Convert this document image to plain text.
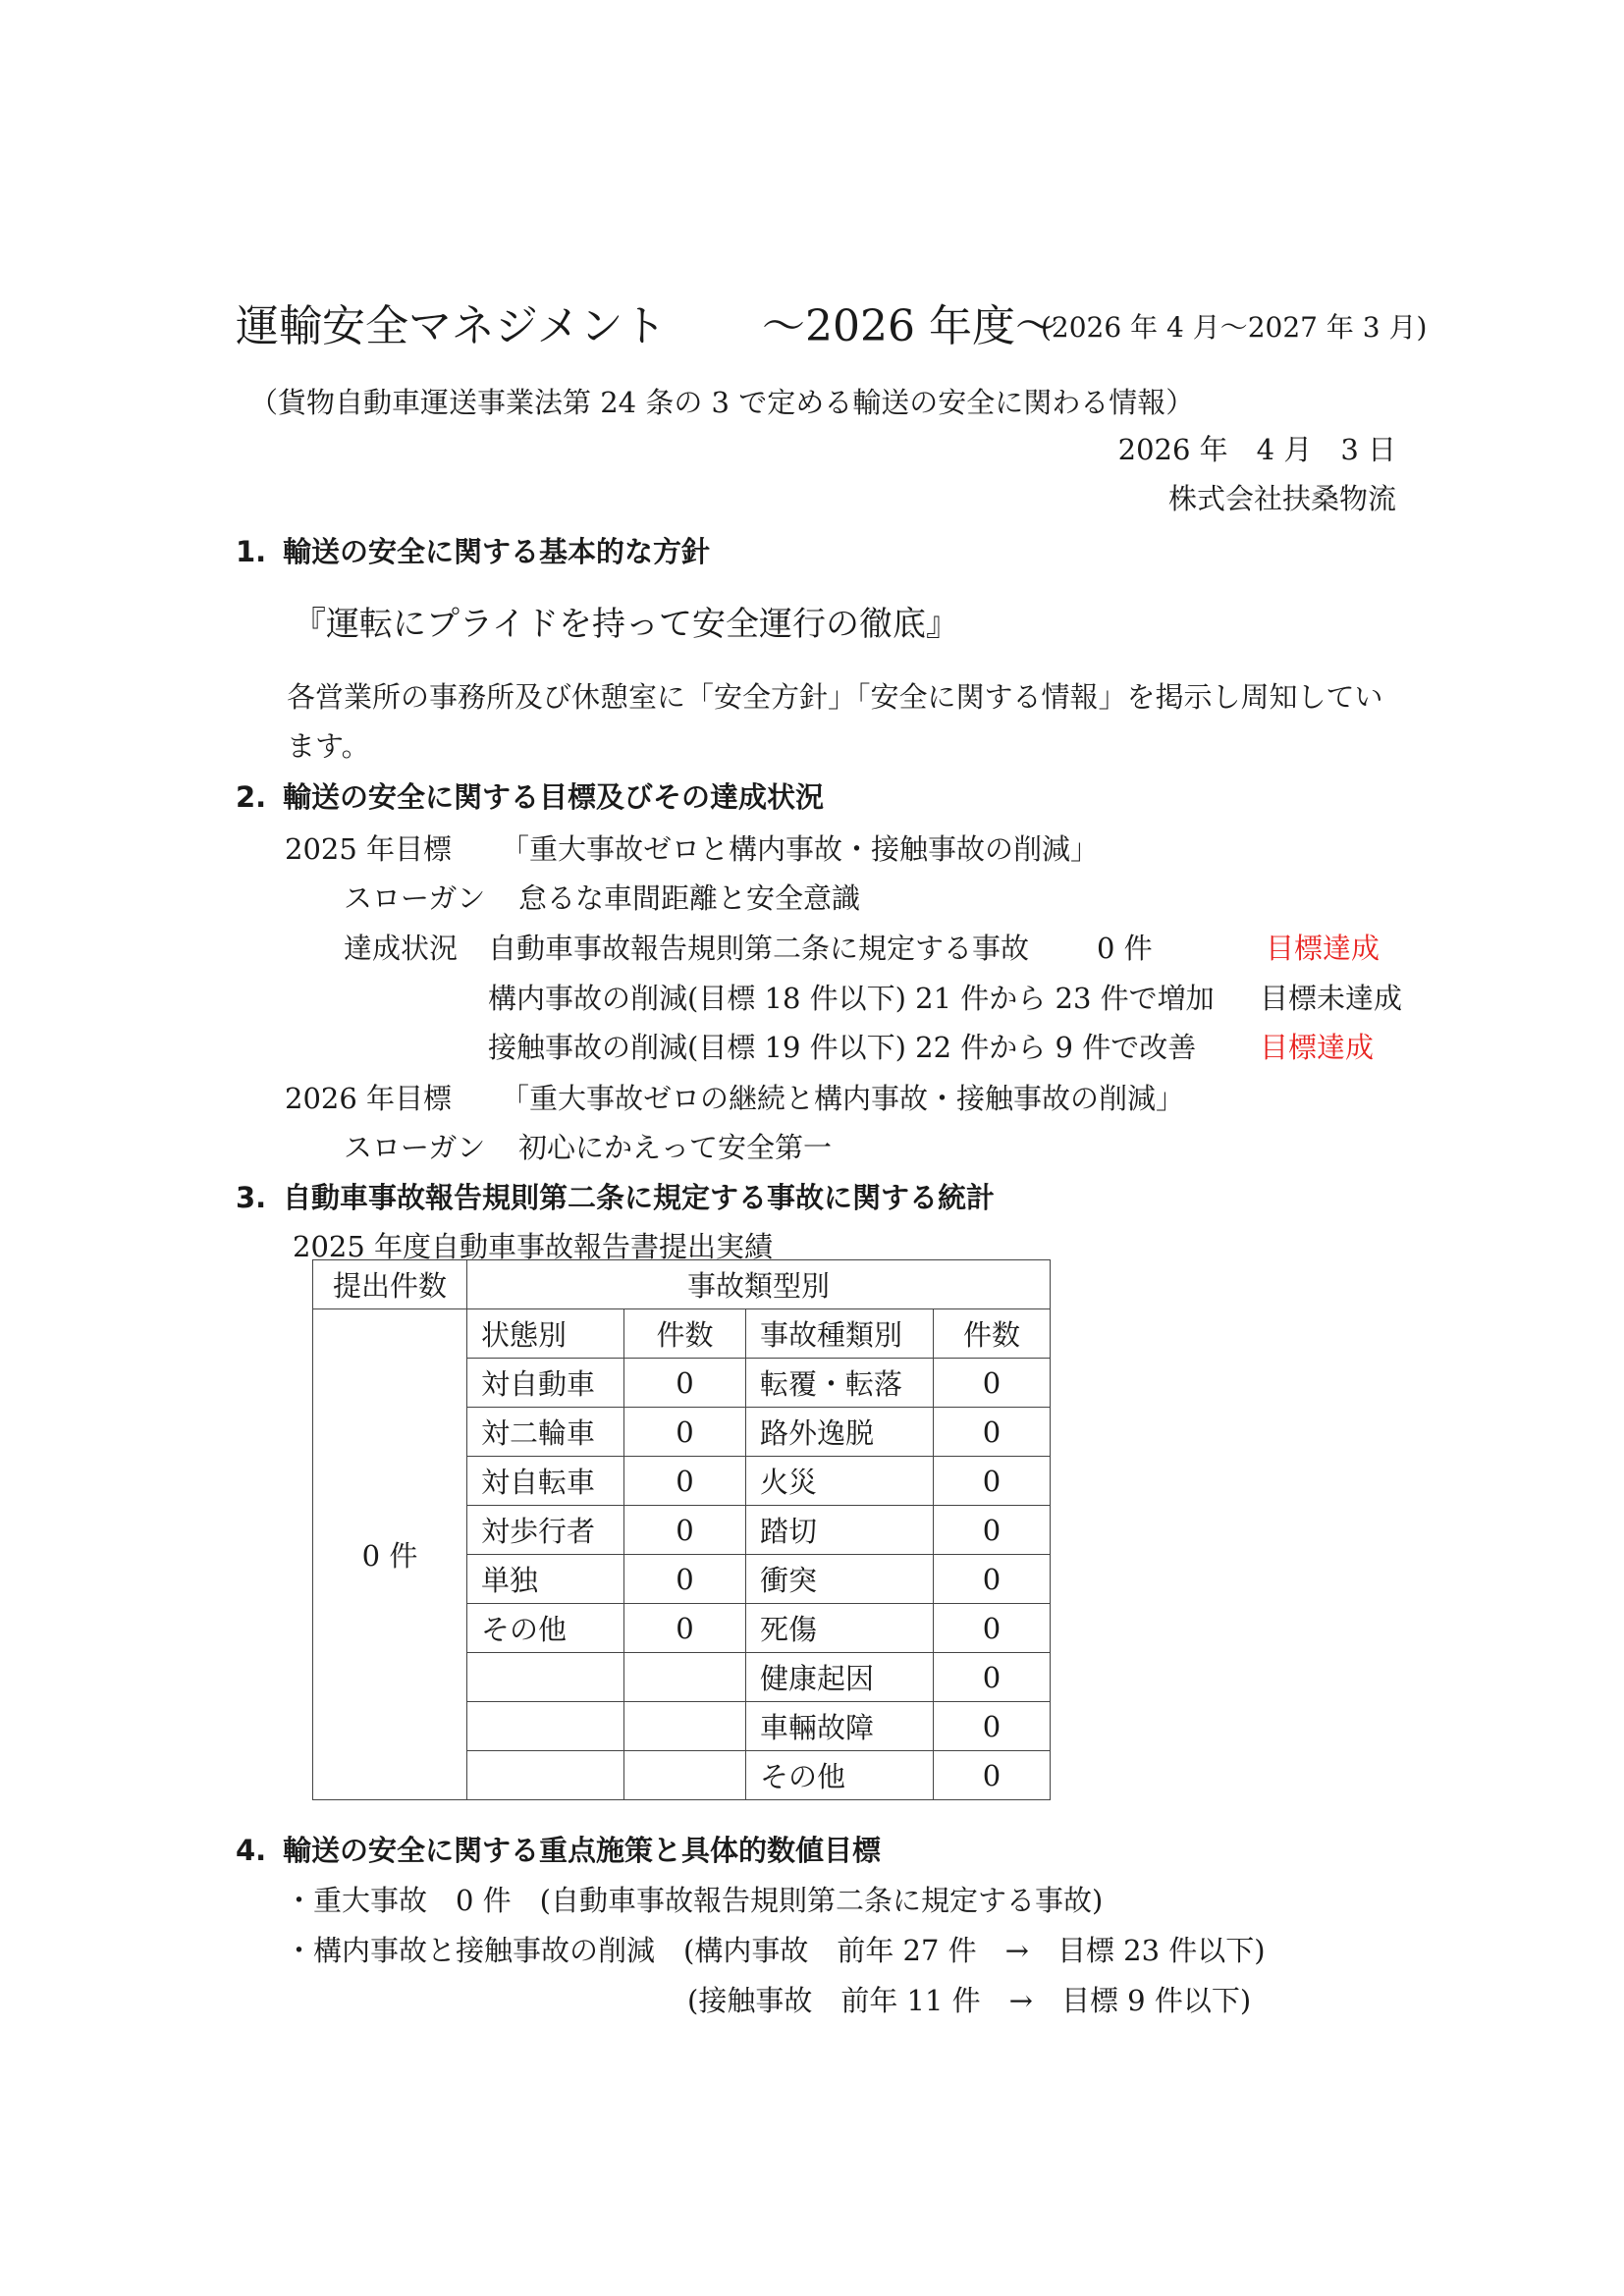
運輸安全マネジメント ～2026 年度～
(2026 年 4 月～2027 年 3 月)
（貨物自動車運送事業法第 24 条の 3 で定める輸送の安全に関わる情報）
2026 年　4 月　3 日
株式会社扶桑物流
1. 輸送の安全に関する基本的な方針
『運転にプライドを持って安全運行の徹底』
各営業所の事務所及び休憩室に「安全方針」「安全に関する情報」を掲示し周知してい
ます。
2. 輸送の安全に関する目標及びその達成状況
2025 年目標 「重大事故ゼロと構内事故・接触事故の削減」
スローガン 怠るな車間距離と安全意識
達成状況 自動車事故報告規則第二条に規定する事故 0 件	目標達成
構内事故の削減(目標 18 件以下) 21 件から 23 件で増加 目標未達成
接触事故の削減(目標 19 件以下) 22 件から 9 件で改善 目標達成
2026 年目標 「重大事故ゼロの継続と構内事故・接触事故の削減」
スローガン 初心にかえって安全第一
3. 自動車事故報告規則第二条に規定する事故に関する統計
2025 年度自動車事故報告書提出実績
提出件数	事故類型別			
0 件	状態別	件数	事故種類別	件数
	対自動車	0	転覆・転落	0
	対二輪車	0	路外逸脱	0
	対自転車	0	火災	0
	対歩行者	0	踏切	0
	単独	0	衝突	0
	その他	0	死傷	0
			健康起因	0
			車輛故障	0
			その他	0
4. 輸送の安全に関する重点施策と具体的数値目標
・重大事故　0 件　(自動車事故報告規則第二条に規定する事故)
・構内事故と接触事故の削減　(構内事故　前年 27 件　→　目標 23 件以下)
(接触事故　前年 11 件　→　目標 9 件以下)
